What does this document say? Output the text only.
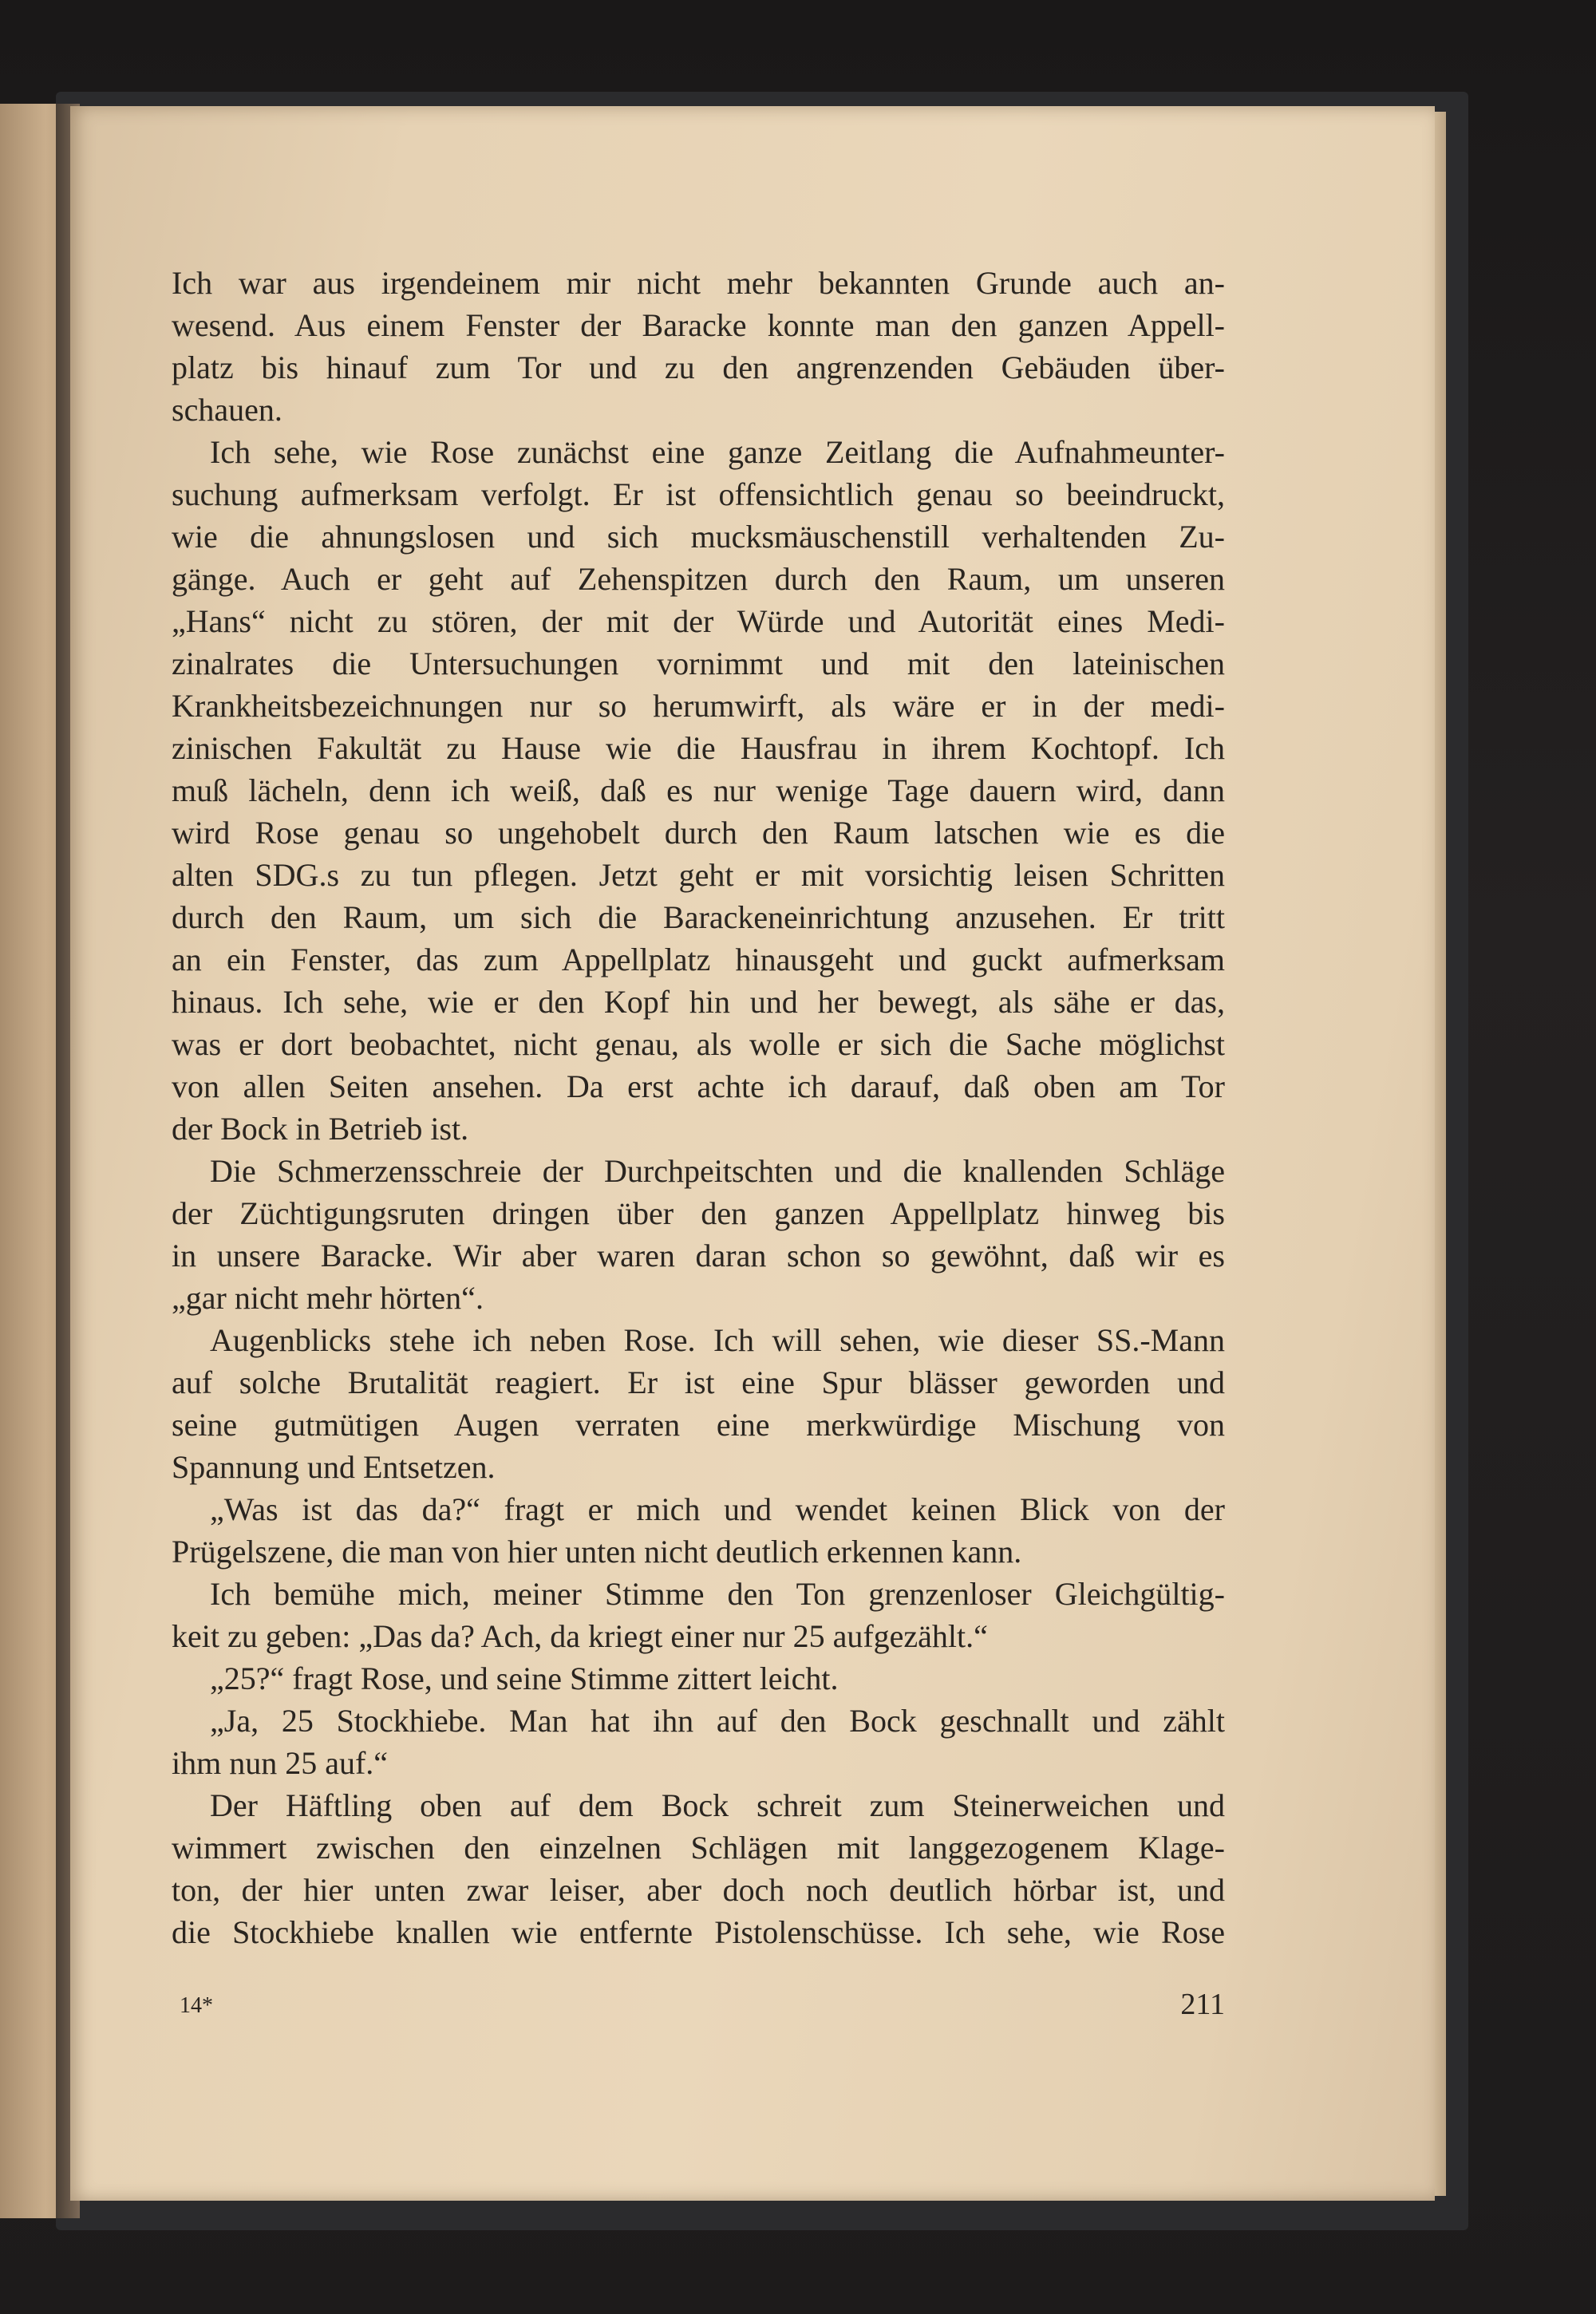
Ich war aus irgendeinem mir nicht mehr bekannten Grunde auch an-
wesend. Aus einem Fenster der Baracke konnte man den ganzen Appell-
platz bis hinauf zum Tor und zu den angrenzenden Gebäuden über-
schauen.
Ich sehe, wie Rose zunächst eine ganze Zeitlang die Aufnahmeunter-
suchung aufmerksam verfolgt. Er ist offensichtlich genau so beeindruckt,
wie die ahnungslosen und sich mucksmäuschenstill verhaltenden Zu-
gänge. Auch er geht auf Zehenspitzen durch den Raum, um unseren
„Hans“ nicht zu stören, der mit der Würde und Autorität eines Medi-
zinalrates die Untersuchungen vornimmt und mit den lateinischen
Krankheitsbezeichnungen nur so herumwirft, als wäre er in der medi-
zinischen Fakultät zu Hause wie die Hausfrau in ihrem Kochtopf. Ich
muß lächeln, denn ich weiß, daß es nur wenige Tage dauern wird, dann
wird Rose genau so ungehobelt durch den Raum latschen wie es die
alten SDG.s zu tun pflegen. Jetzt geht er mit vorsichtig leisen Schritten
durch den Raum, um sich die Barackeneinrichtung anzusehen. Er tritt
an ein Fenster, das zum Appellplatz hinausgeht und guckt aufmerksam
hinaus. Ich sehe, wie er den Kopf hin und her bewegt, als sähe er das,
was er dort beobachtet, nicht genau, als wolle er sich die Sache möglichst
von allen Seiten ansehen. Da erst achte ich darauf, daß oben am Tor
der Bock in Betrieb ist.
Die Schmerzensschreie der Durchpeitschten und die knallenden Schläge
der Züchtigungsruten dringen über den ganzen Appellplatz hinweg bis
in unsere Baracke. Wir aber waren daran schon so gewöhnt, daß wir es
„gar nicht mehr hörten“.
Augenblicks stehe ich neben Rose. Ich will sehen, wie dieser SS.-Mann
auf solche Brutalität reagiert. Er ist eine Spur blässer geworden und
seine gutmütigen Augen verraten eine merkwürdige Mischung von
Spannung und Entsetzen.
„Was ist das da?“ fragt er mich und wendet keinen Blick von der
Prügelszene, die man von hier unten nicht deutlich erkennen kann.
Ich bemühe mich, meiner Stimme den Ton grenzenloser Gleichgültig-
keit zu geben: „Das da? Ach, da kriegt einer nur 25 aufgezählt.“
„25?“ fragt Rose, und seine Stimme zittert leicht.
„Ja, 25 Stockhiebe. Man hat ihn auf den Bock geschnallt und zählt
ihm nun 25 auf.“
Der Häftling oben auf dem Bock schreit zum Steinerweichen und
wimmert zwischen den einzelnen Schlägen mit langgezogenem Klage-
ton, der hier unten zwar leiser, aber doch noch deutlich hörbar ist, und
die Stockhiebe knallen wie entfernte Pistolenschüsse. Ich sehe, wie Rose
14*	211
